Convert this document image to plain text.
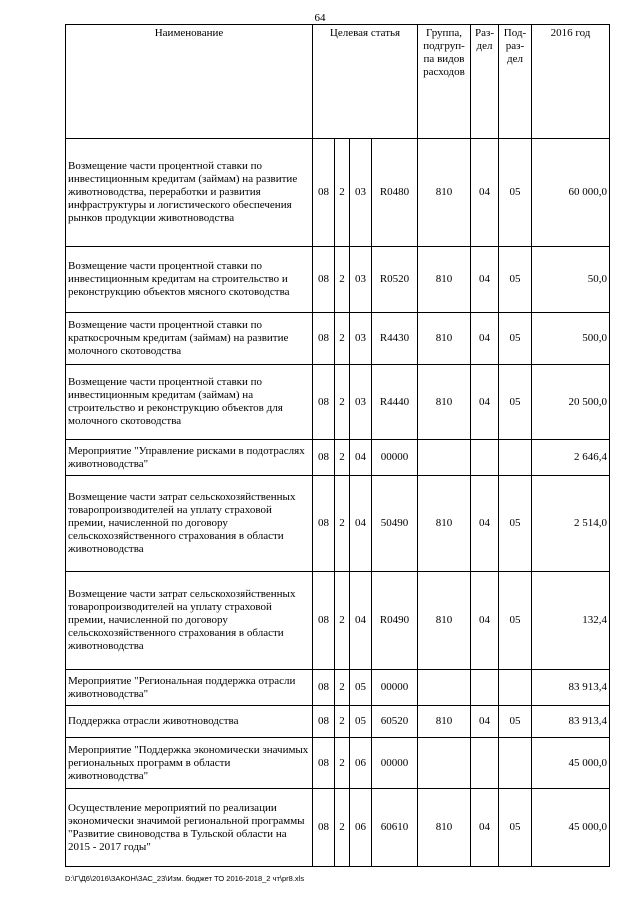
64
Наименование	Целевая статья				Группа, подгруп-па видов расходов	Раз-дел	Под-раз-дел	2016 год
Возмещение части процентной ставки по инвестиционным кредитам (займам) на развитие животноводства, переработки и развития инфраструктуры и логистического обеспечения рынков продукции животноводства	08	2	03	R0480	810	04	05	60 000,0
Возмещение части процентной ставки по инвестиционным кредитам на строительство и реконструкцию объектов мясного скотоводства	08	2	03	R0520	810	04	05	50,0
Возмещение части процентной ставки по краткосрочным кредитам (займам) на развитие молочного скотоводства	08	2	03	R4430	810	04	05	500,0
Возмещение части процентной ставки по инвестиционным кредитам (займам) на строительство и реконструкцию объектов для молочного скотоводства	08	2	03	R4440	810	04	05	20 500,0
Мероприятие "Управление рисками в подотраслях животноводства"	08	2	04	00000				2 646,4
Возмещение части затрат сельскохозяйственных товаропроизводителей на уплату страховой премии, начисленной по договору сельскохозяйственного страхования в области животноводства	08	2	04	50490	810	04	05	2 514,0
Возмещение части затрат сельскохозяйственных товаропроизводителей на уплату страховой премии, начисленной по договору сельскохозяйственного страхования в области животноводства	08	2	04	R0490	810	04	05	132,4
Мероприятие "Региональная поддержка отрасли животноводства"	08	2	05	00000				83 913,4
Поддержка отрасли животноводства	08	2	05	60520	810	04	05	83 913,4
Мероприятие "Поддержка экономически значимых региональных программ в области животноводства"	08	2	06	00000				45 000,0
Осуществление мероприятий по реализации экономически значимой региональной программы "Развитие свиноводства в Тульской области на 2015 - 2017 годы"	08	2	06	60610	810	04	05	45 000,0
D:\Г\Д6\2016\ЗАКОН\ЗАС_23\Изм. бюджет ТО 2016-2018_2 чт\pr8.xls
